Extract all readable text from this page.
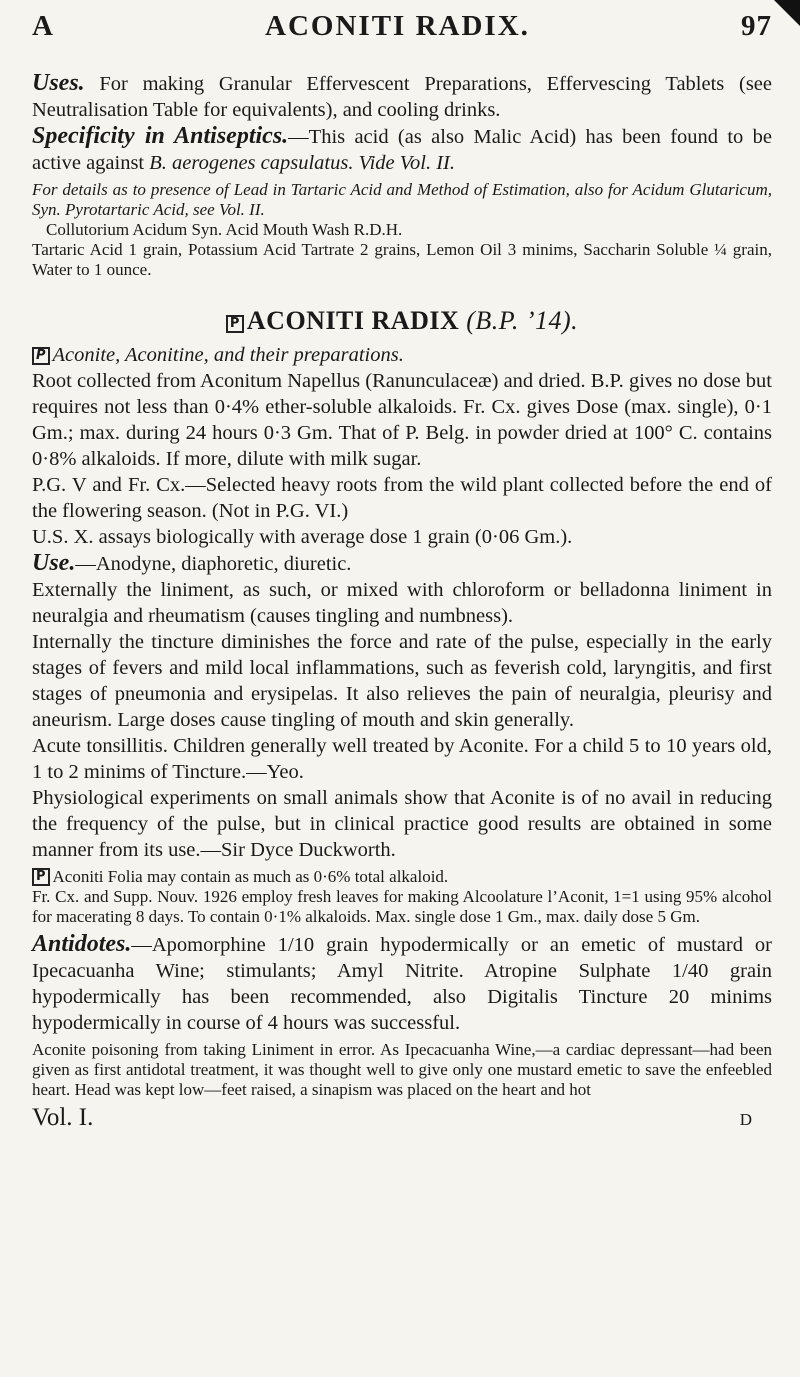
A	ACONITI RADIX.	97

Uses. For making Granular Effervescent Preparations, Effervescing Tablets (see Neutralisation Table for equivalents), and cooling drinks.

Specificity in Antiseptics.—This acid (as also Malic Acid) has been found to be active against B. aerogenes capsulatus. Vide Vol. II.

For details as to presence of Lead in Tartaric Acid and Method of Estimation, also for Acidum Glutaricum, Syn. Pyrotartaric Acid, see Vol. II.

Collutorium Acidum Syn. Acid Mouth Wash R.D.H.

Tartaric Acid 1 grain, Potassium Acid Tartrate 2 grains, Lemon Oil 3 minims, Saccharin Soluble ¼ grain, Water to 1 ounce.

P ACONITI RADIX (B.P. ’14).

P Aconite, Aconitine, and their preparations.

Root collected from Aconitum Napellus (Ranunculaceæ) and dried. B.P. gives no dose but requires not less than 0·4% ether-soluble alkaloids. Fr. Cx. gives Dose (max. single), 0·1 Gm.; max. during 24 hours 0·3 Gm. That of P. Belg. in powder dried at 100° C. contains 0·8% alkaloids. If more, dilute with milk sugar.

P.G. V and Fr. Cx.—Selected heavy roots from the wild plant collected before the end of the flowering season. (Not in P.G. VI.)

U.S. X. assays biologically with average dose 1 grain (0·06 Gm.).

Use.—Anodyne, diaphoretic, diuretic.

Externally the liniment, as such, or mixed with chloroform or belladonna liniment in neuralgia and rheumatism (causes tingling and numbness).

Internally the tincture diminishes the force and rate of the pulse, especially in the early stages of fevers and mild local inflammations, such as feverish cold, laryngitis, and first stages of pneumonia and erysipelas. It also relieves the pain of neuralgia, pleurisy and aneurism. Large doses cause tingling of mouth and skin generally.

Acute tonsillitis. Children generally well treated by Aconite. For a child 5 to 10 years old, 1 to 2 minims of Tincture.—Yeo.

Physiological experiments on small animals show that Aconite is of no avail in reducing the frequency of the pulse, but in clinical practice good results are obtained in some manner from its use.—Sir Dyce Duckworth.

P Aconiti Folia may contain as much as 0·6% total alkaloid.

Fr. Cx. and Supp. Nouv. 1926 employ fresh leaves for making Alcoolature l’Aconit, 1=1 using 95% alcohol for macerating 8 days. To contain 0·1% alkaloids. Max. single dose 1 Gm., max. daily dose 5 Gm.

Antidotes.—Apomorphine 1/10 grain hypodermically or an emetic of mustard or Ipecacuanha Wine; stimulants; Amyl Nitrite. Atropine Sulphate 1/40 grain hypodermically has been recommended, also Digitalis Tincture 20 minims hypodermically in course of 4 hours was successful.

Aconite poisoning from taking Liniment in error. As Ipecacuanha Wine,—a cardiac depressant—had been given as first antidotal treatment, it was thought well to give only one mustard emetic to save the enfeebled heart. Head was kept low—feet raised, a sinapism was placed on the heart and hot

Vol. I.	D
